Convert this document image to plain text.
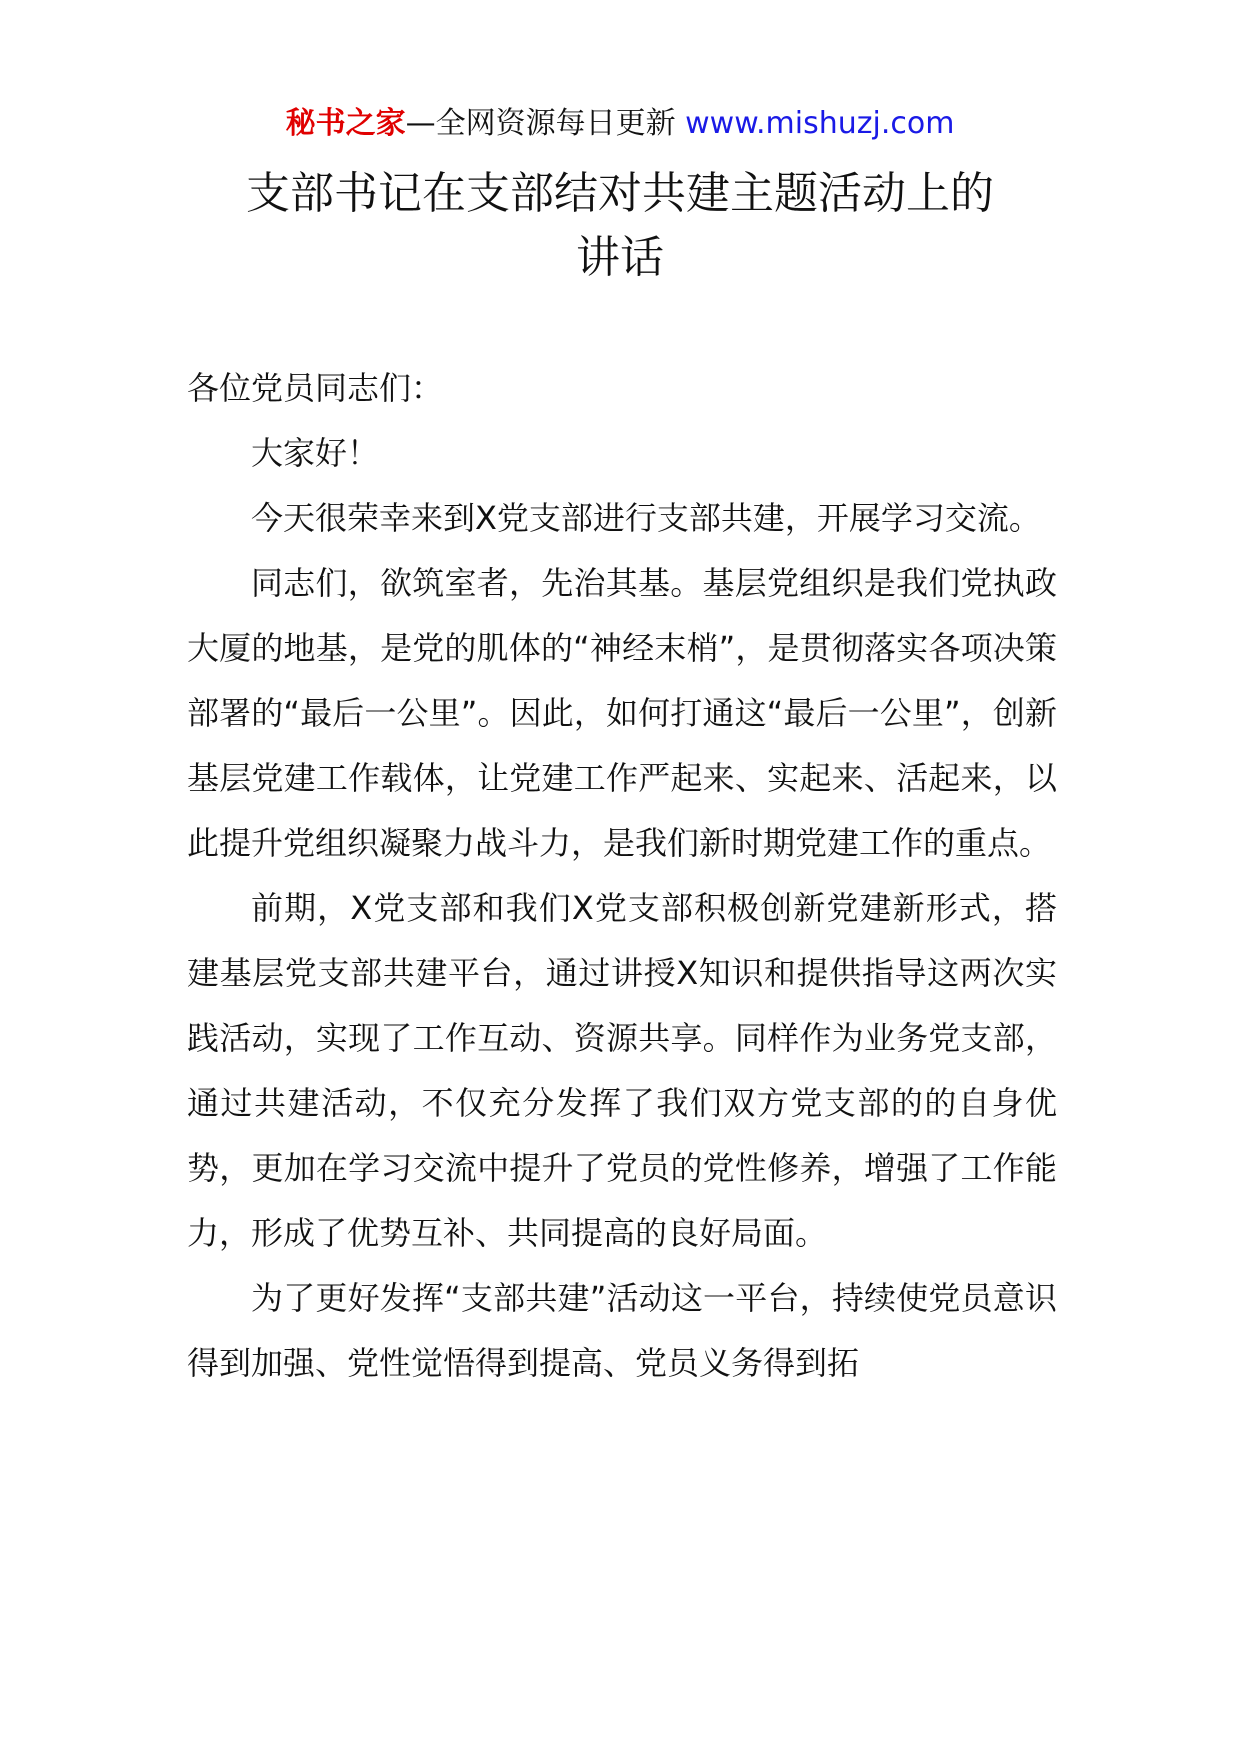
秘书之家—全网资源每日更新 www.mishuzj.com
支部书记在支部结对共建主题活动上的
讲话

各位党员同志们：

大家好！

今天很荣幸来到X党支部进行支部共建，开展学习交流。

同志们，欲筑室者，先治其基。基层党组织是我们党执政大厦的地基，是党的肌体的“神经末梢”，是贯彻落实各项决策部署的“最后一公里”。因此，如何打通这“最后一公里”，创新基层党建工作载体，让党建工作严起来、实起来、活起来，以此提升党组织凝聚力战斗力，是我们新时期党建工作的重点。

前期，X党支部和我们X党支部积极创新党建新形式，搭建基层党支部共建平台，通过讲授X知识和提供指导这两次实践活动，实现了工作互动、资源共享。同样作为业务党支部，通过共建活动，不仅充分发挥了我们双方党支部的的自身优势，更加在学习交流中提升了党员的党性修养，增强了工作能力，形成了优势互补、共同提高的良好局面。

为了更好发挥“支部共建”活动这一平台，持续使党员意识得到加强、党性觉悟得到提高、党员义务得到拓
